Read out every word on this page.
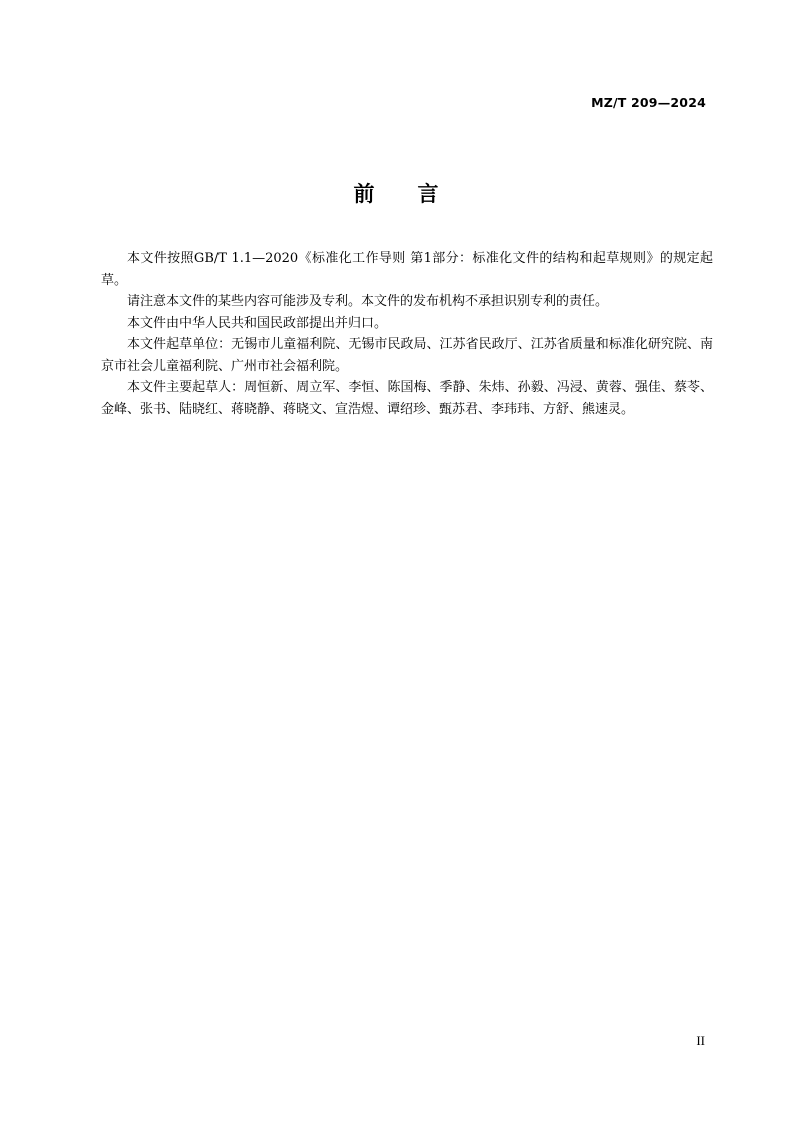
MZ/T 209—2024
前 言

本文件按照GB/T 1.1—2020《标准化工作导则 第1部分：标准化文件的结构和起草规则》的规定起草。

请注意本文件的某些内容可能涉及专利。本文件的发布机构不承担识别专利的责任。

本文件由中华人民共和国民政部提出并归口。

本文件起草单位：无锡市儿童福利院、无锡市民政局、江苏省民政厅、江苏省质量和标准化研究院、南京市社会儿童福利院、广州市社会福利院。

本文件主要起草人：周恒新、周立军、李恒、陈国梅、季静、朱炜、孙毅、冯浸、黄蓉、强佳、蔡苓、金峰、张书、陆晓红、蒋晓静、蒋晓文、宣浩煜、谭绍珍、甄苏君、李玮玮、方舒、熊速灵。

II
